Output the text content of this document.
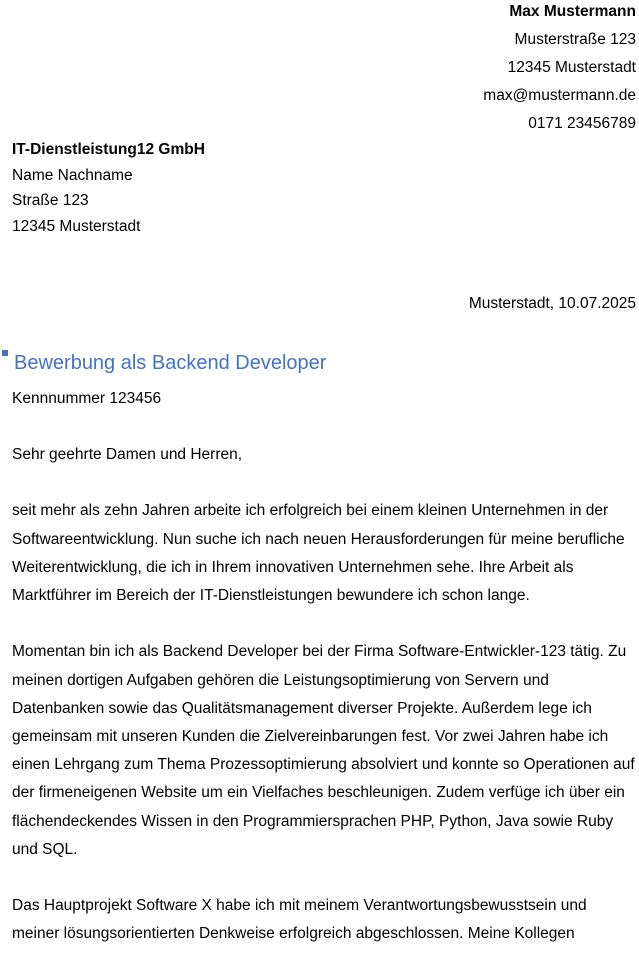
Max Mustermann
Musterstraße 123
12345 Musterstadt
max@mustermann.de
0171 23456789
IT-Dienstleistung12 GmbH
Name Nachname
Straße 123
12345 Musterstadt
Musterstadt, 10.07.2025
Bewerbung als Backend Developer
Kennnummer 123456

Sehr geehrte Damen und Herren,

seit mehr als zehn Jahren arbeite ich erfolgreich bei einem kleinen Unternehmen in der Softwareentwicklung. Nun suche ich nach neuen Herausforderungen für meine berufliche Weiterentwicklung, die ich in Ihrem innovativen Unternehmen sehe. Ihre Arbeit als Marktführer im Bereich der IT-Dienstleistungen bewundere ich schon lange.

Momentan bin ich als Backend Developer bei der Firma Software-Entwickler-123 tätig. Zu meinen dortigen Aufgaben gehören die Leistungsoptimierung von Servern und Datenbanken sowie das Qualitätsmanagement diverser Projekte. Außerdem lege ich gemeinsam mit unseren Kunden die Zielvereinbarungen fest. Vor zwei Jahren habe ich einen Lehrgang zum Thema Prozessoptimierung absolviert und konnte so Operationen auf der firmeneigenen Website um ein Vielfaches beschleunigen. Zudem verfüge ich über ein flächendeckendes Wissen in den Programmiersprachen PHP, Python, Java sowie Ruby und SQL.

Das Hauptprojekt Software X habe ich mit meinem Verantwortungsbewusstsein und meiner lösungsorientierten Denkweise erfolgreich abgeschlossen. Meine Kollegen
